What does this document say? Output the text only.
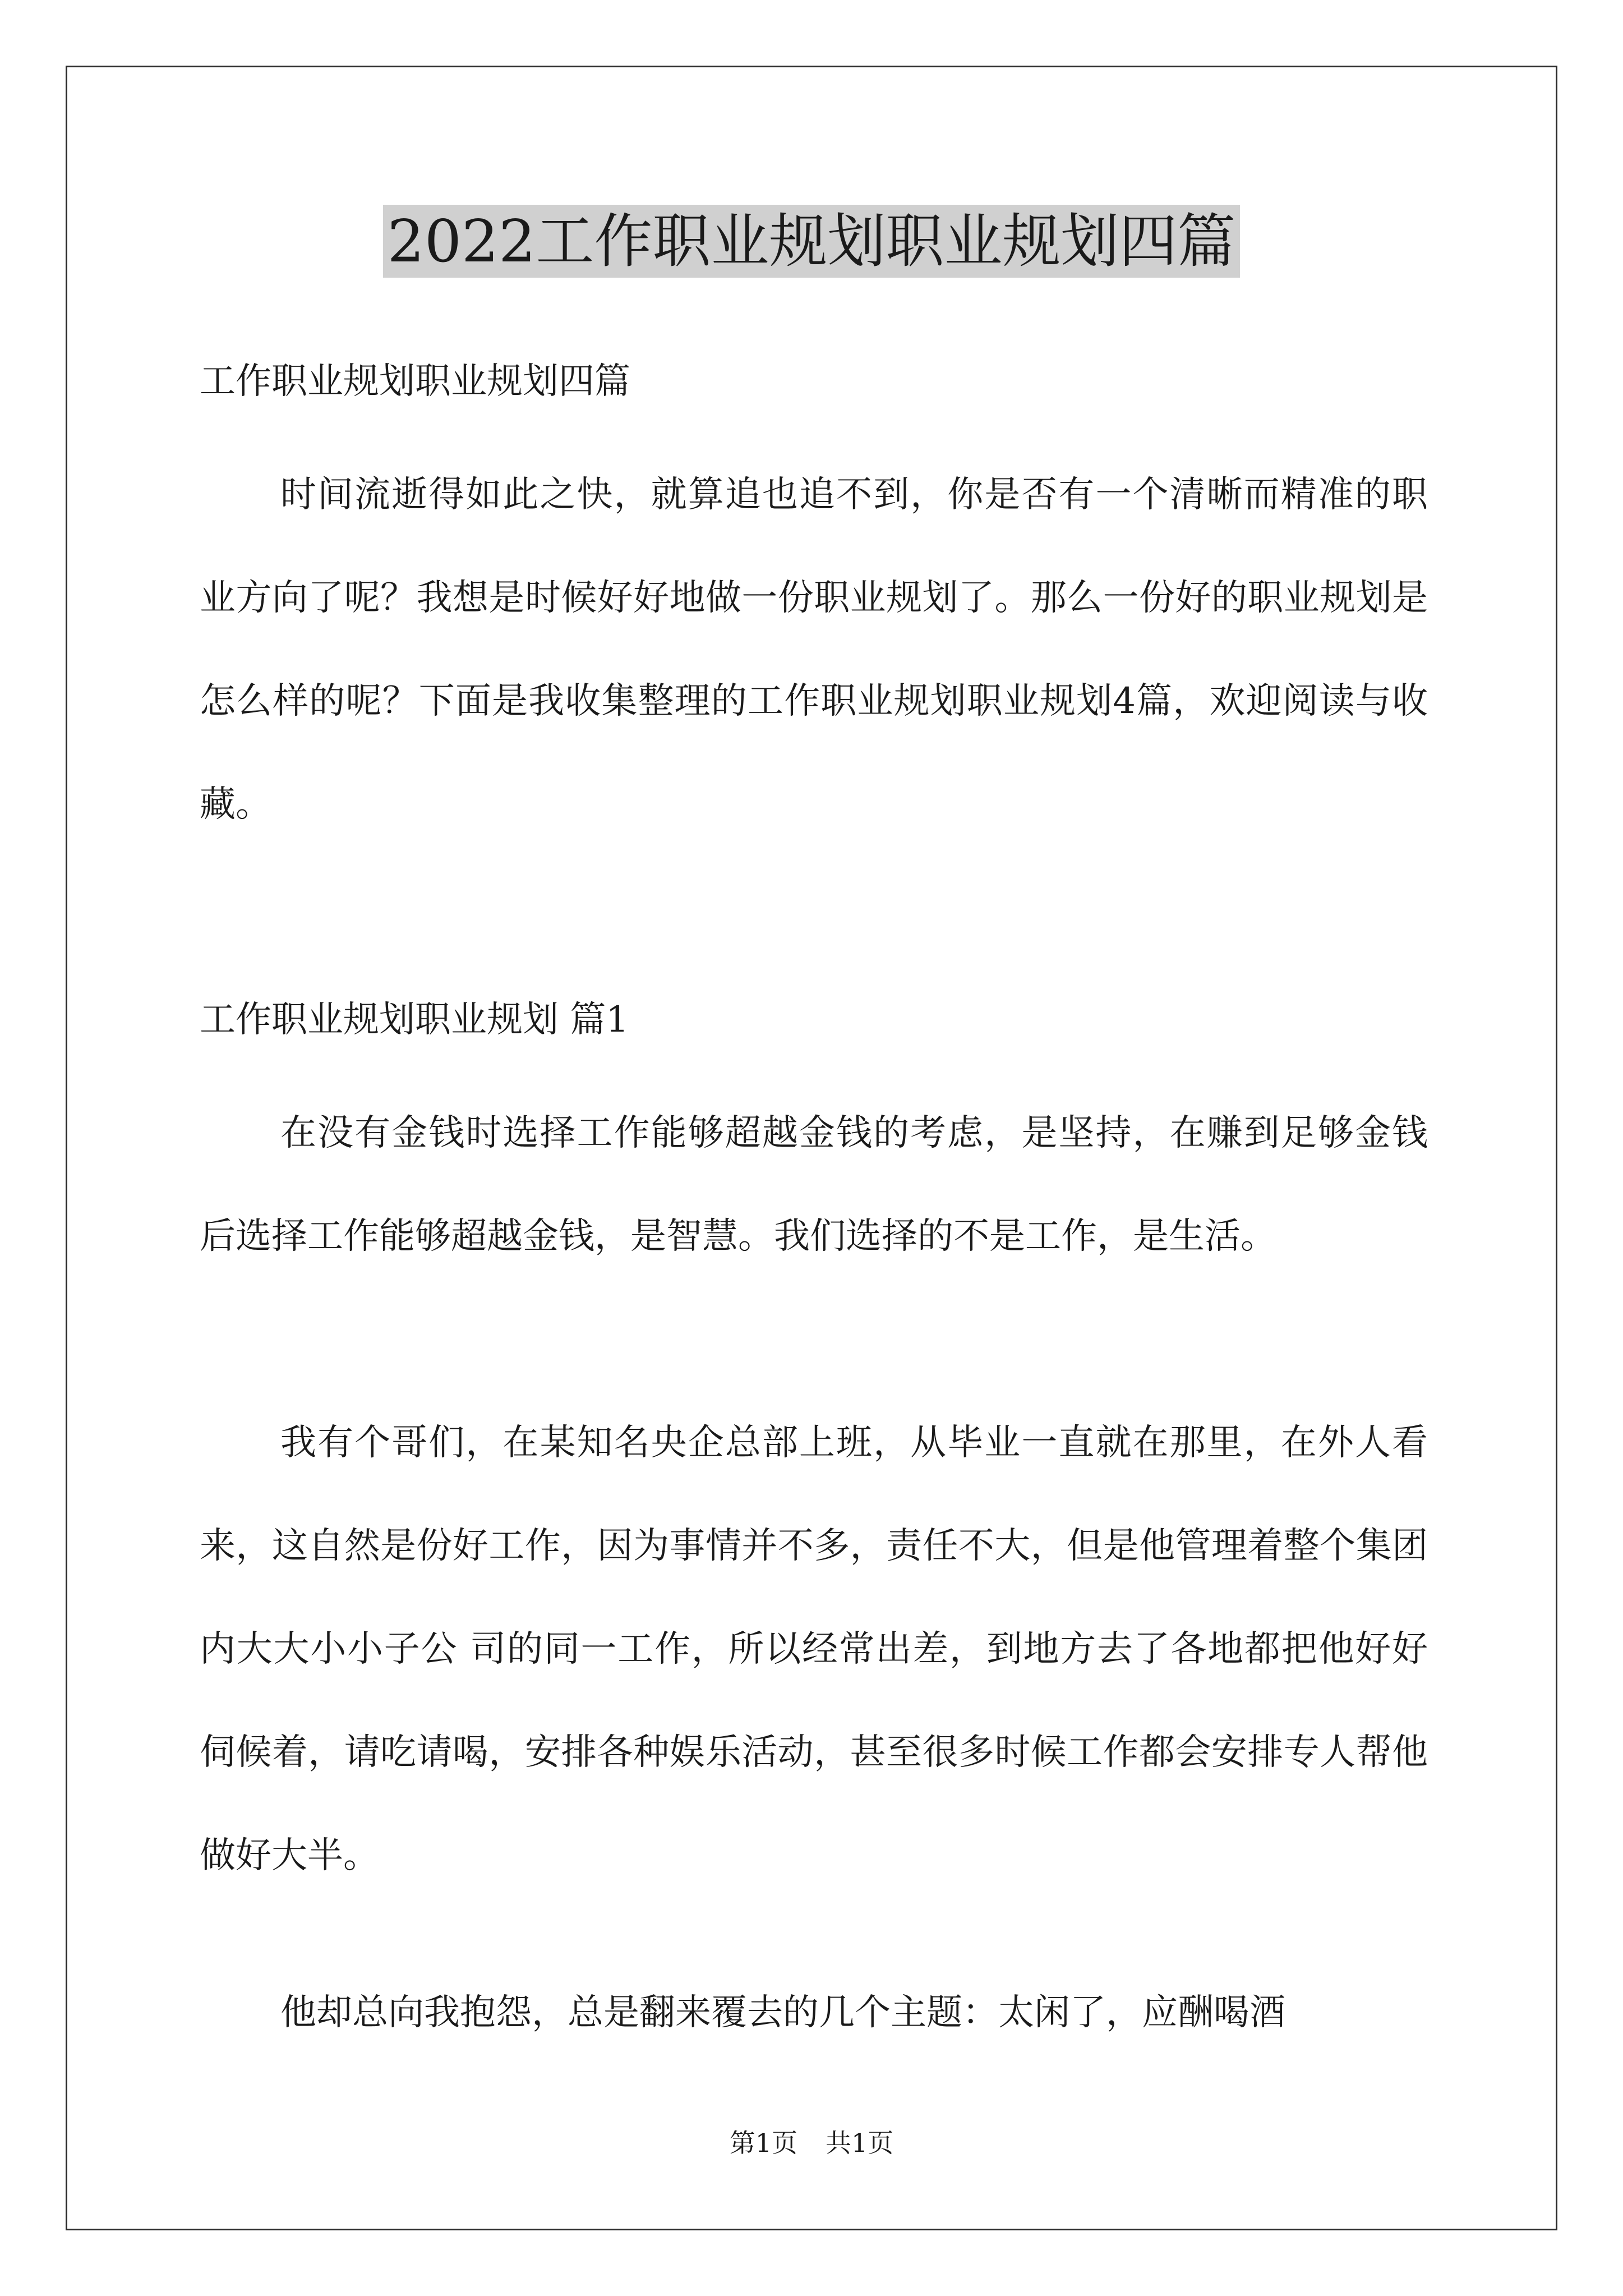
2022工作职业规划职业规划四篇

工作职业规划职业规划四篇

时间流逝得如此之快，就算追也追不到，你是否有一个清晰而精准的职业方向了呢？我想是时候好好地做一份职业规划了。那么一份好的职业规划是怎么样的呢？下面是我收集整理的工作职业规划职业规划4篇，欢迎阅读与收藏。

工作职业规划职业规划 篇1

在没有金钱时选择工作能够超越金钱的考虑，是坚持，在赚到足够金钱后选择工作能够超越金钱，是智慧。我们选择的不是工作，是生活。

我有个哥们，在某知名央企总部上班，从毕业一直就在那里，在外人看来，这自然是份好工作，因为事情并不多，责任不大，但是他管理着整个集团内大大小小子公 司的同一工作，所以经常出差，到地方去了各地都把他好好伺候着，请吃请喝，安排各种娱乐活动，甚至很多时候工作都会安排专人帮他做好大半。

他却总向我抱怨，总是翻来覆去的几个主题：太闲了，应酬喝酒

第1页 共1页
